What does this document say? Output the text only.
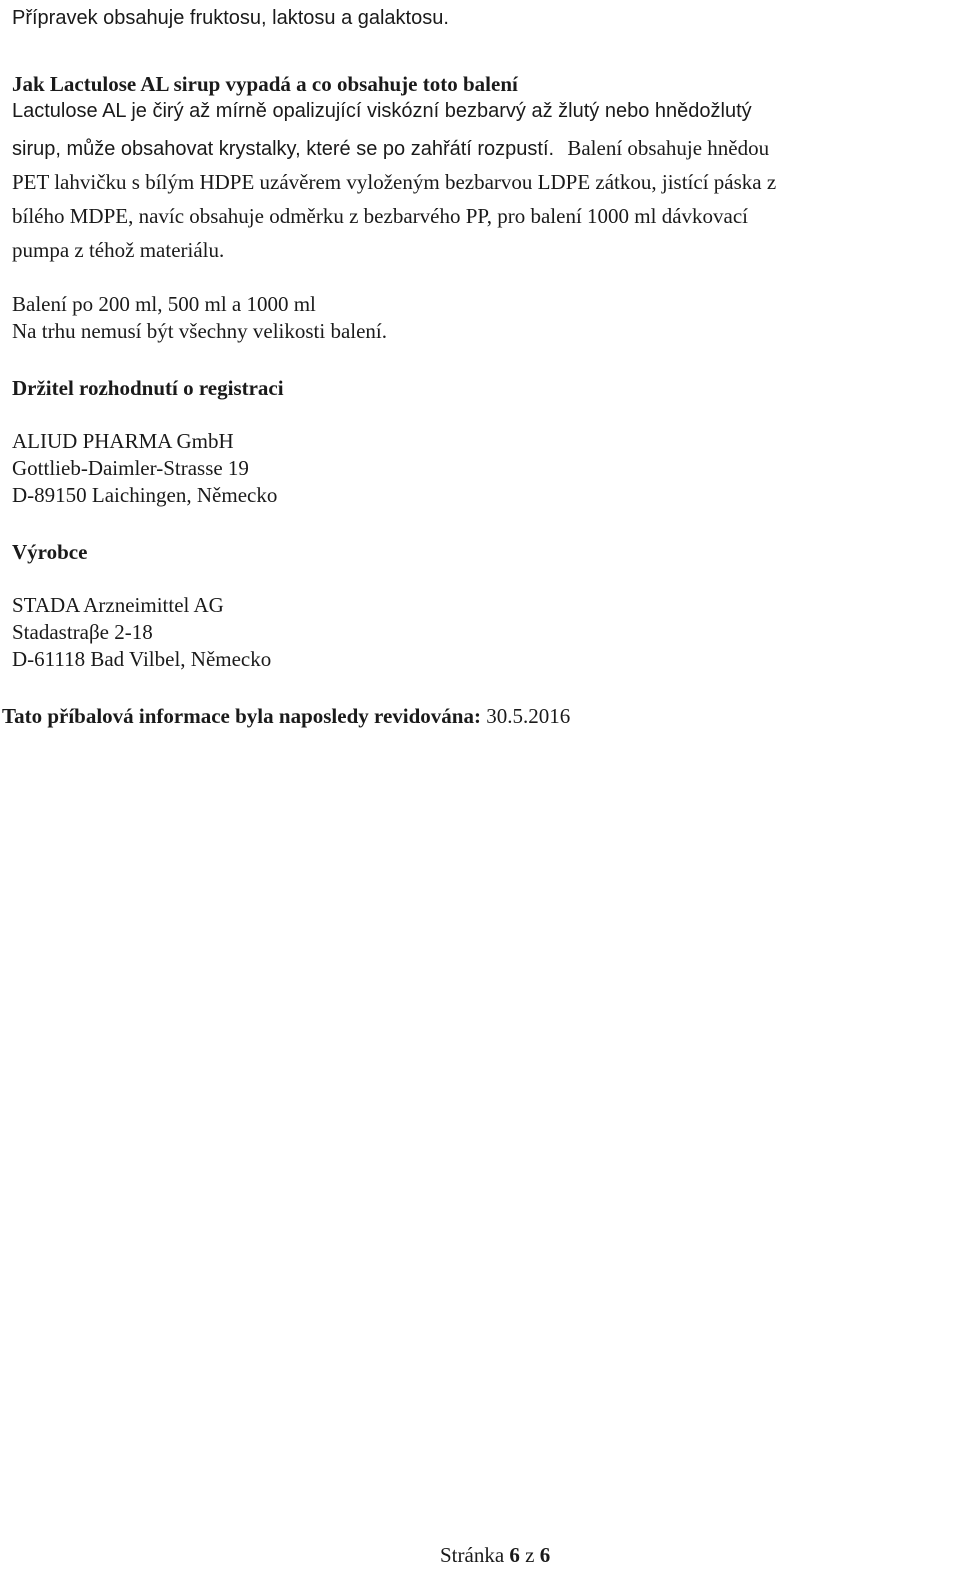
Přípravek obsahuje fruktosu, laktosu a galaktosu.
Jak Lactulose AL sirup vypadá a co obsahuje toto balení
Lactulose AL je čirý až mírně opalizující viskózní bezbarvý až žlutý nebo hnědožlutý
sirup, může obsahovat krystalky, které se po zahřátí rozpustí. Balení obsahuje hnědou
PET lahvičku s bílým HDPE uzávěrem vyloženým bezbarvou LDPE zátkou, jistící páska z
bílého MDPE, navíc obsahuje odměrku z bezbarvého PP, pro balení 1000 ml dávkovací
pumpa z téhož materiálu.
Balení po 200 ml, 500 ml a 1000 ml
Na trhu nemusí být všechny velikosti balení.
Držitel rozhodnutí o registraci
ALIUD PHARMA GmbH
Gottlieb-Daimler-Strasse 19
D-89150 Laichingen, Německo
Výrobce
STADA Arzneimittel AG
Stadastraβe 2-18
D-61118 Bad Vilbel, Německo
Tato příbalová informace byla naposledy revidována: 30.5.2016
Stránka 6 z 6
